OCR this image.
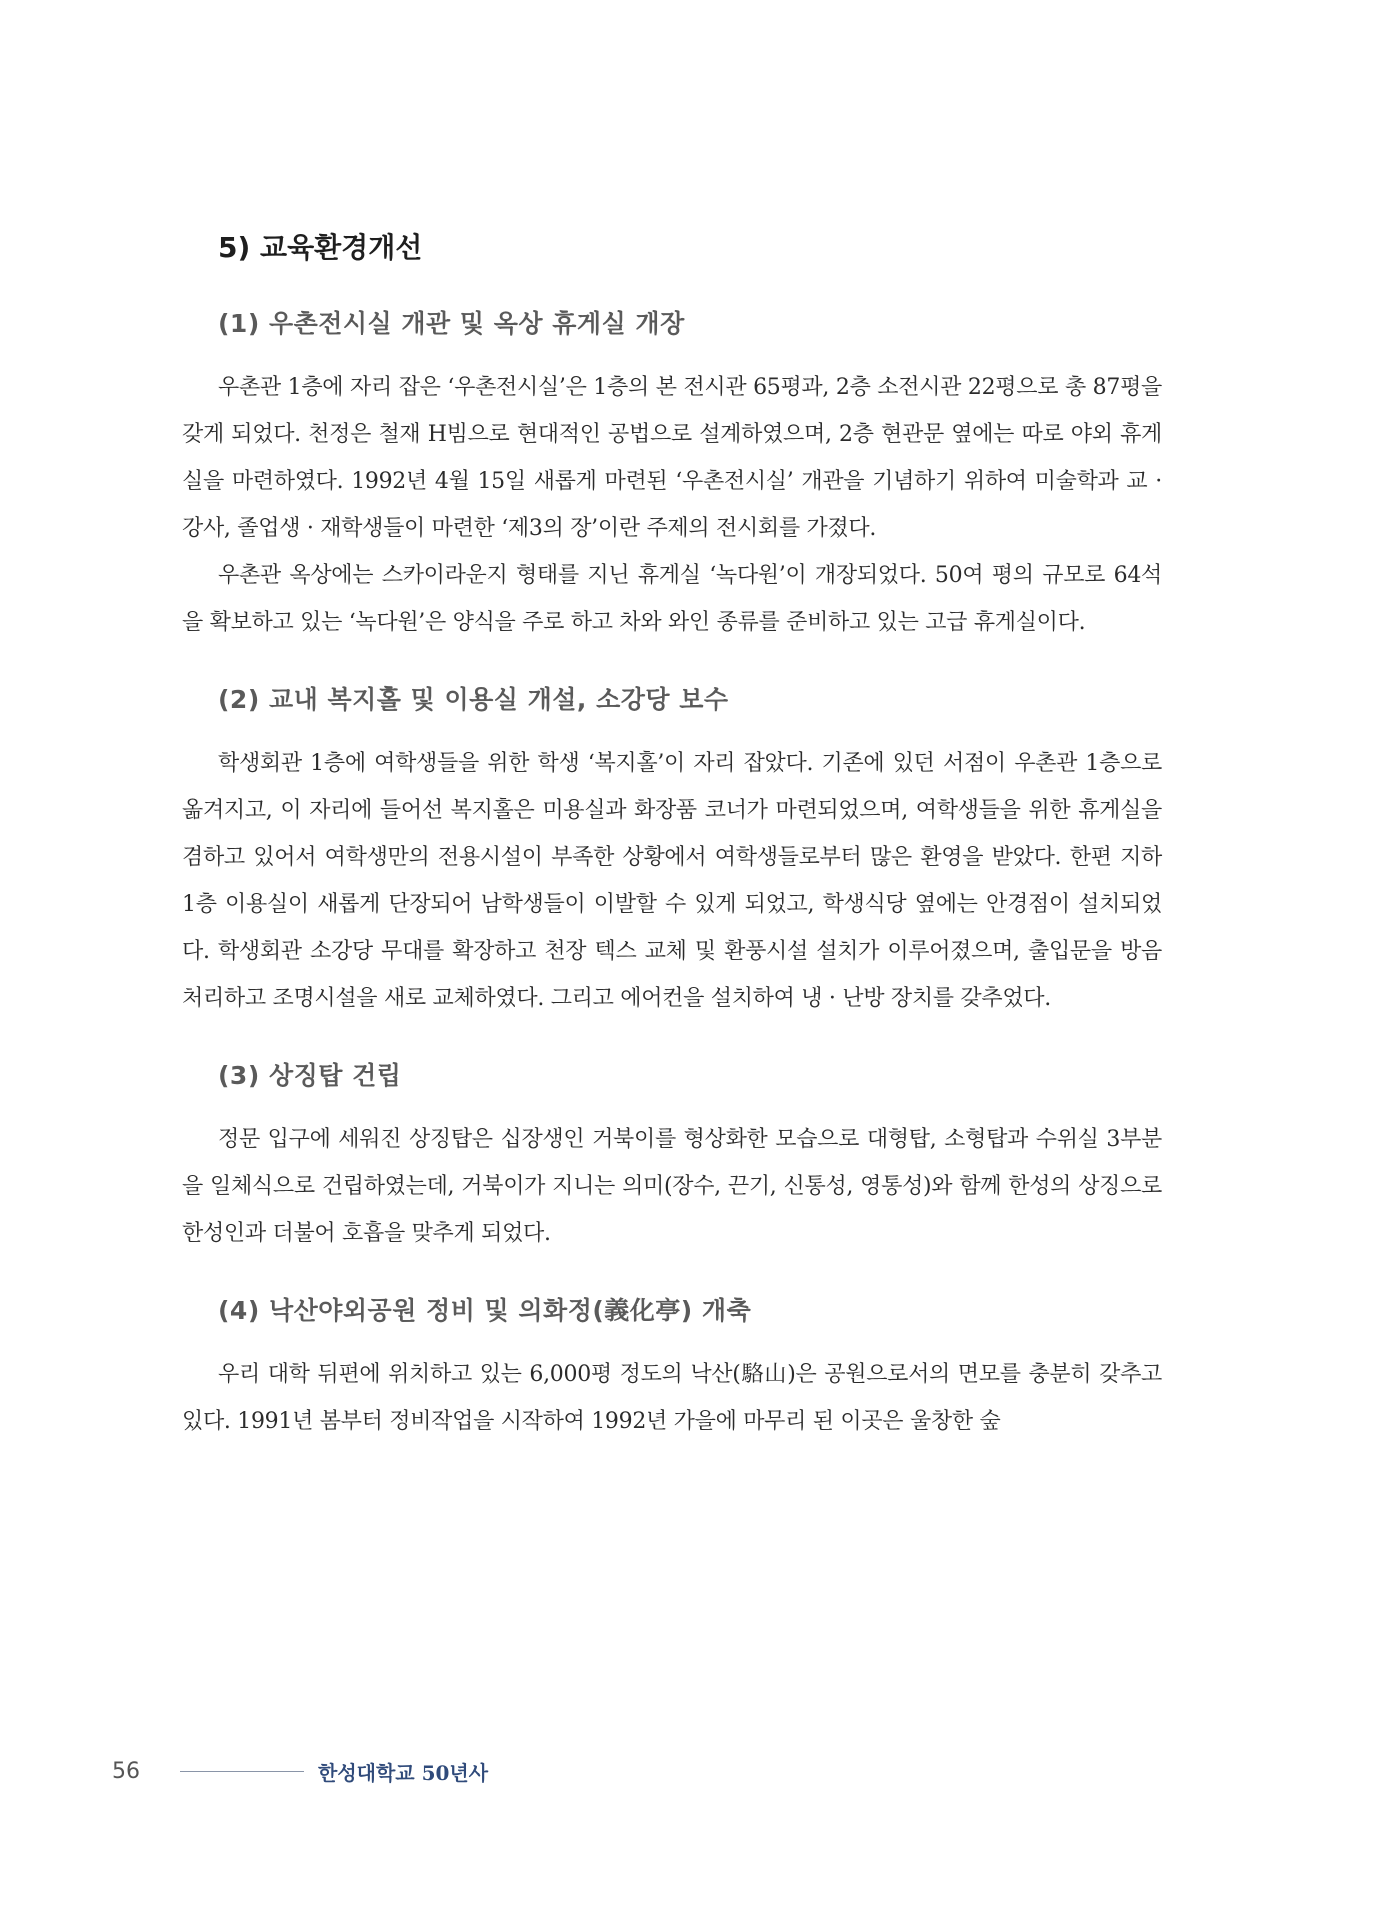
5) 교육환경개선
(1) 우촌전시실 개관 및 옥상 휴게실 개장

우촌관 1층에 자리 잡은 ‘우촌전시실’은 1층의 본 전시관 65평과, 2층 소전시관 22평으로 총 87평을 갖게 되었다. 천정은 철재 H빔으로 현대적인 공법으로 설계하였으며, 2층 현관문 옆에는 따로 야외 휴게실을 마련하였다. 1992년 4월 15일 새롭게 마련된 ‘우촌전시실’ 개관을 기념하기 위하여 미술학과 교 · 강사, 졸업생 · 재학생들이 마련한 ‘제3의 장’이란 주제의 전시회를 가졌다.

우촌관 옥상에는 스카이라운지 형태를 지닌 휴게실 ‘녹다원’이 개장되었다. 50여 평의 규모로 64석을 확보하고 있는 ‘녹다원’은 양식을 주로 하고 차와 와인 종류를 준비하고 있는 고급 휴게실이다.

(2) 교내 복지홀 및 이용실 개설, 소강당 보수

학생회관 1층에 여학생들을 위한 학생 ‘복지홀’이 자리 잡았다. 기존에 있던 서점이 우촌관 1층으로 옮겨지고, 이 자리에 들어선 복지홀은 미용실과 화장품 코너가 마련되었으며, 여학생들을 위한 휴게실을 겸하고 있어서 여학생만의 전용시설이 부족한 상황에서 여학생들로부터 많은 환영을 받았다. 한편 지하 1층 이용실이 새롭게 단장되어 남학생들이 이발할 수 있게 되었고, 학생식당 옆에는 안경점이 설치되었다. 학생회관 소강당 무대를 확장하고 천장 텍스 교체 및 환풍시설 설치가 이루어졌으며, 출입문을 방음처리하고 조명시설을 새로 교체하였다. 그리고 에어컨을 설치하여 냉 · 난방 장치를 갖추었다.

(3) 상징탑 건립

정문 입구에 세워진 상징탑은 십장생인 거북이를 형상화한 모습으로 대형탑, 소형탑과 수위실 3부분을 일체식으로 건립하였는데, 거북이가 지니는 의미(장수, 끈기, 신통성, 영통성)와 함께 한성의 상징으로 한성인과 더불어 호흡을 맞추게 되었다.

(4) 낙산야외공원 정비 및 의화정(義化亭) 개축

우리 대학 뒤편에 위치하고 있는 6,000평 정도의 낙산(駱山)은 공원으로서의 면모를 충분히 갖추고 있다. 1991년 봄부터 정비작업을 시작하여 1992년 가을에 마무리 된 이곳은 울창한 숲

56	한성대학교 50년사
